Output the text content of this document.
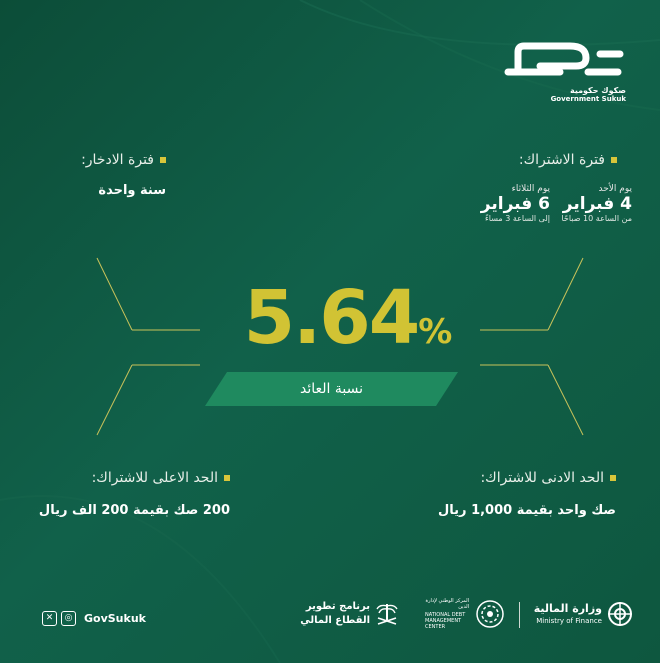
صكوك حكومية
Government Sukuk
فترة الاشتراك:
يوم الأحد
4 فبراير
من الساعة 10 صباحًا
يوم الثلاثاء
6 فبراير
إلى الساعة 3 مساءً
فترة الادخار:
سنة واحدة
5.64%
نسبة العائد
الحد الادنى للاشتراك:
صك واحد بقيمة 1,000 ريال
الحد الاعلى للاشتراك:
200 صك بقيمة 200 الف ريال
وزارة المالية
Ministry of Finance
المركز الوطني لإدارة الدين
NATIONAL DEBT
MANAGEMENT
CENTER
برنامج تطوير
القطاع المالي
✕	◎	GovSukuk
